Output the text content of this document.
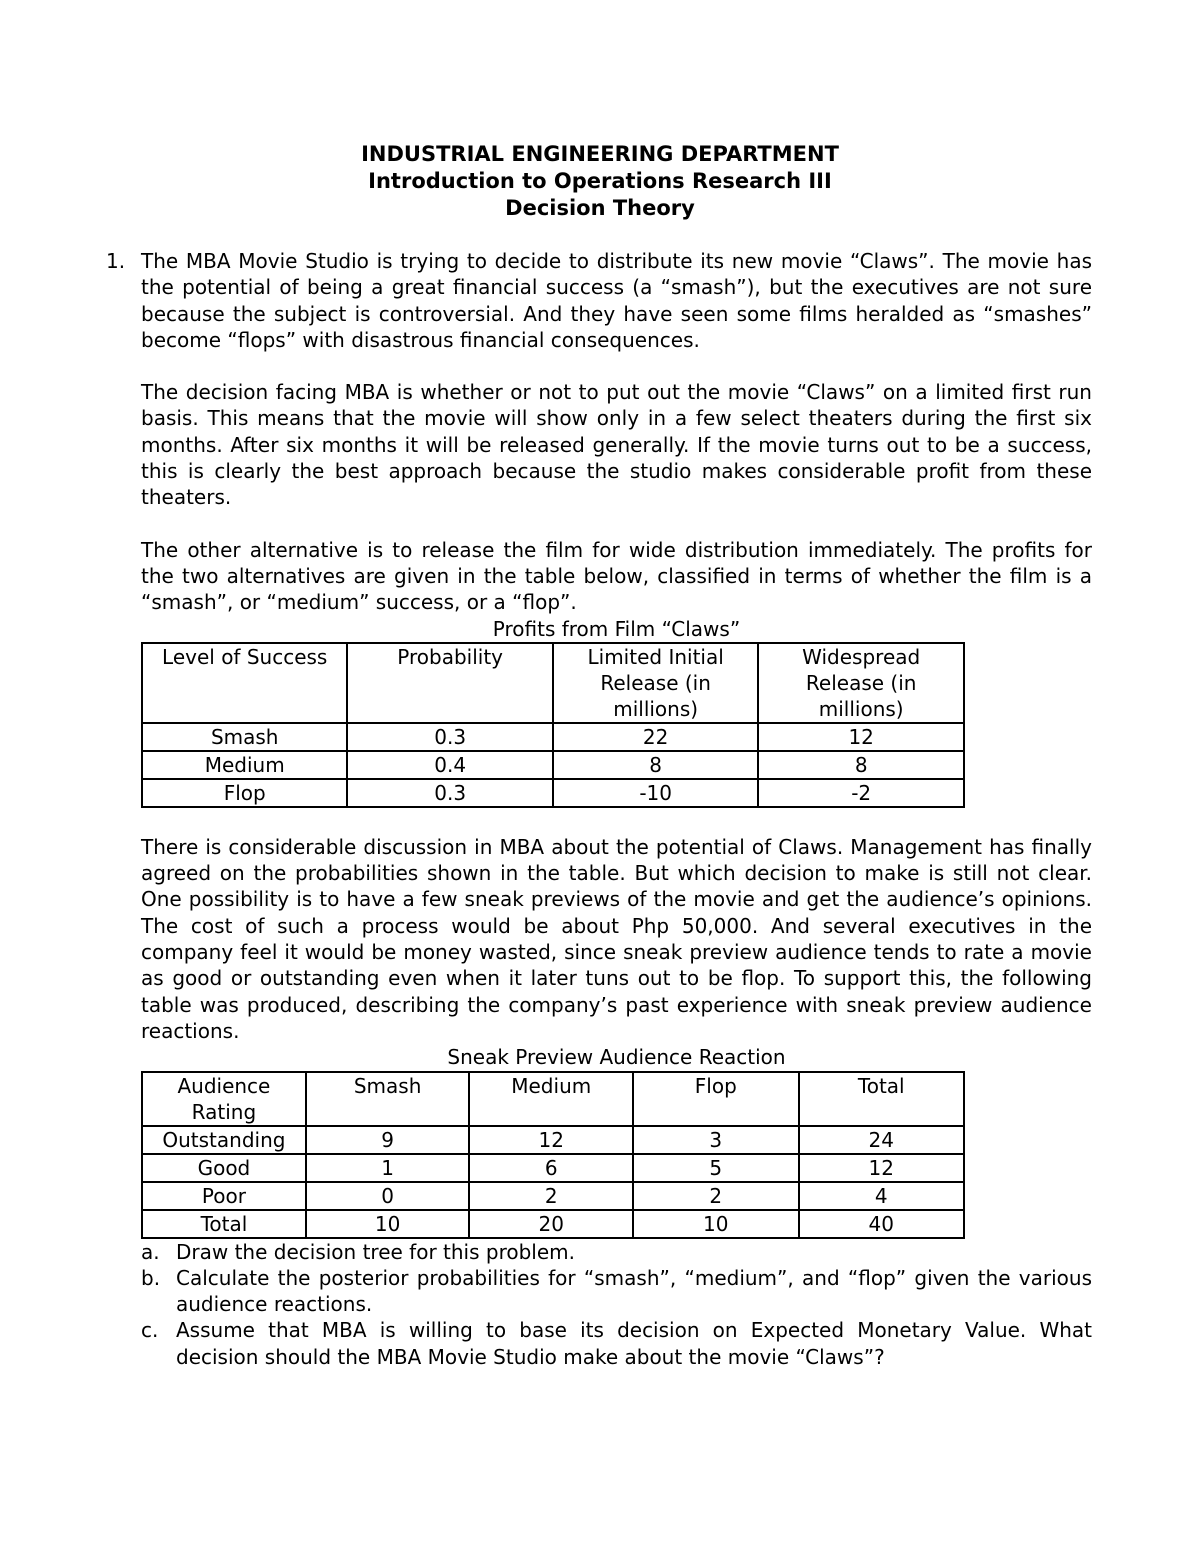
INDUSTRIAL ENGINEERING DEPARTMENT
Introduction to Operations Research III
Decision Theory
1. The MBA Movie Studio is trying to decide to distribute its new movie “Claws”. The movie has the potential of being a great financial success (a “smash”), but the executives are not sure because the subject is controversial. And they have seen some films heralded as “smashes” become “flops” with disastrous financial consequences.

The decision facing MBA is whether or not to put out the movie “Claws” on a limited first run basis. This means that the movie will show only in a few select theaters during the first six months. After six months it will be released generally. If the movie turns out to be a success, this is clearly the best approach because the studio makes considerable profit from these theaters.

The other alternative is to release the film for wide distribution immediately. The profits for the two alternatives are given in the table below, classified in terms of whether the film is a “smash”, or “medium” success, or a “flop”.

Profits from Film “Claws”
Level of Success	Probability	Limited Initial Release (in millions)	Widespread Release (in millions)
Smash	0.3	22	12
Medium	0.4	8	8
Flop	0.3	-10	-2

There is considerable discussion in MBA about the potential of Claws. Management has finally agreed on the probabilities shown in the table. But which decision to make is still not clear. One possibility is to have a few sneak previews of the movie and get the audience’s opinions. The cost of such a process would be about Php 50,000. And several executives in the company feel it would be money wasted, since sneak preview audience tends to rate a movie as good or outstanding even when it later tuns out to be flop. To support this, the following table was produced, describing the company’s past experience with sneak preview audience reactions.

Sneak Preview Audience Reaction
Audience Rating	Smash	Medium	Flop	Total
Outstanding	9	12	3	24
Good	1	6	5	12
Poor	0	2	2	4
Total	10	20	10	40
a. Draw the decision tree for this problem.
b. Calculate the posterior probabilities for “smash”, “medium”, and “flop” given the various audience reactions.
c. Assume that MBA is willing to base its decision on Expected Monetary Value. What decision should the MBA Movie Studio make about the movie “Claws”?
